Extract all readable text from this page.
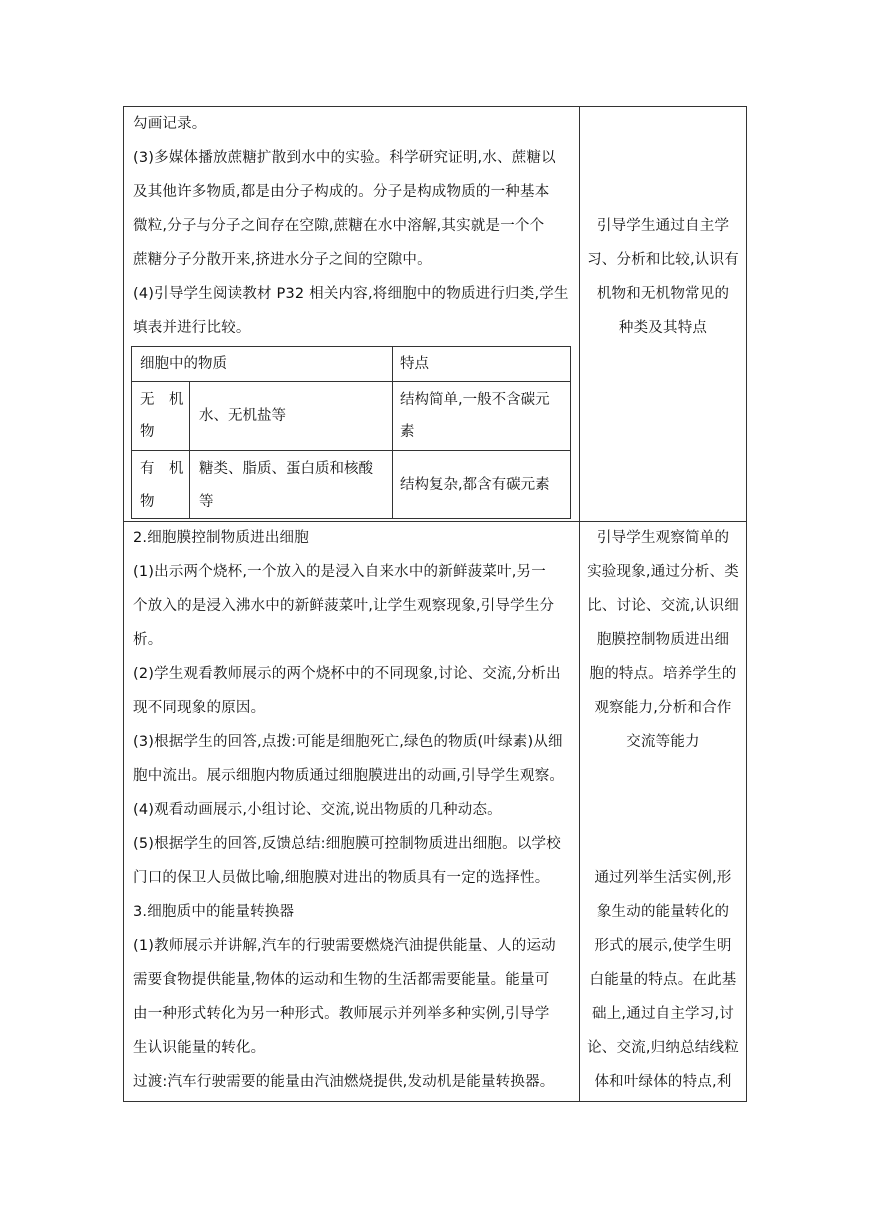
勾画记录。
(3)多媒体播放蔗糖扩散到水中的实验。科学研究证明,水、蔗糖以
及其他许多物质,都是由分子构成的。分子是构成物质的一种基本
微粒,分子与分子之间存在空隙,蔗糖在水中溶解,其实就是一个个
蔗糖分子分散开来,挤进水分子之间的空隙中。
(4)引导学生阅读教材 P32 相关内容,将细胞中的物质进行归类,学生
填表并进行比较。
细胞中的物质	特点
无　机
物
水、无机盐等
结构简单,一般不含碳元
素
有　机
物
糖类、脂质、蛋白质和核酸
等
结构复杂,都含有碳元素
引导学生通过自主学
习、分析和比较,认识有
机物和无机物常见的
种类及其特点
2.细胞膜控制物质进出细胞
(1)出示两个烧杯,一个放入的是浸入自来水中的新鲜菠菜叶,另一
个放入的是浸入沸水中的新鲜菠菜叶,让学生观察现象,引导学生分
析。
(2)学生观看教师展示的两个烧杯中的不同现象,讨论、交流,分析出
现不同现象的原因。
(3)根据学生的回答,点拨:可能是细胞死亡,绿色的物质(叶绿素)从细
胞中流出。展示细胞内物质通过细胞膜进出的动画,引导学生观察。
(4)观看动画展示,小组讨论、交流,说出物质的几种动态。
(5)根据学生的回答,反馈总结:细胞膜可控制物质进出细胞。以学校
门口的保卫人员做比喻,细胞膜对进出的物质具有一定的选择性。
3.细胞质中的能量转换器
(1)教师展示并讲解,汽车的行驶需要燃烧汽油提供能量、人的运动
需要食物提供能量,物体的运动和生物的生活都需要能量。能量可
由一种形式转化为另一种形式。教师展示并列举多种实例,引导学
生认识能量的转化。
过渡:汽车行驶需要的能量由汽油燃烧提供,发动机是能量转换器。
引导学生观察简单的
实验现象,通过分析、类
比、讨论、交流,认识细
胞膜控制物质进出细
胞的特点。培养学生的
观察能力,分析和合作
交流等能力
通过列举生活实例,形
象生动的能量转化的
形式的展示,使学生明
白能量的特点。在此基
础上,通过自主学习,讨
论、交流,归纳总结线粒
体和叶绿体的特点,利
